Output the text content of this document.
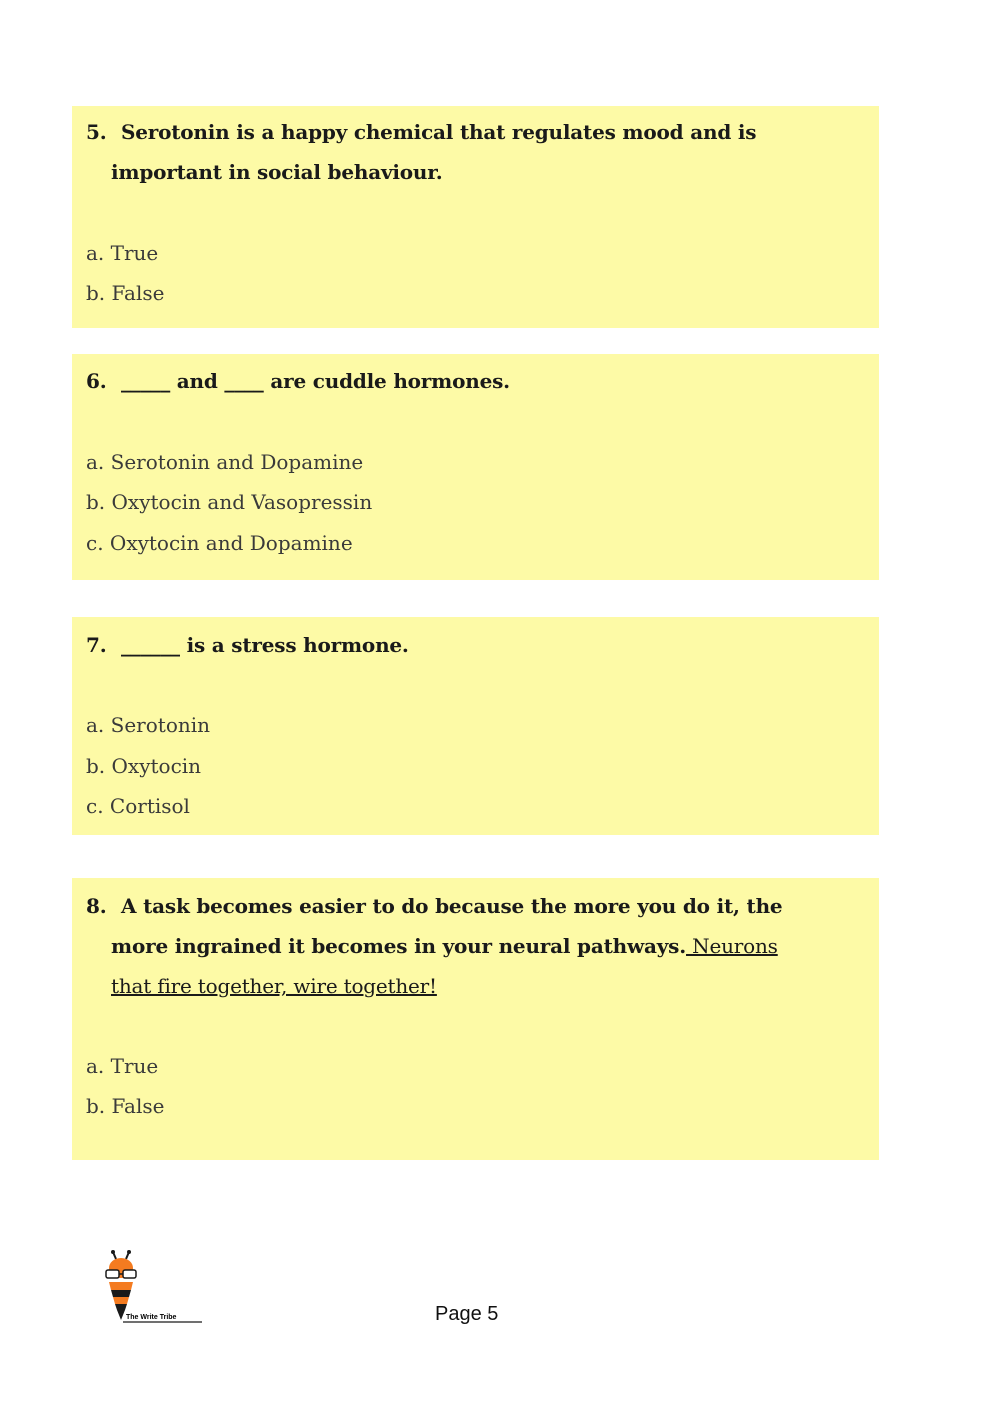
5. Serotonin is a happy chemical that regulates mood and is
important in social behaviour.
a. True
b. False
6. _____ and ____ are cuddle hormones.
a. Serotonin and Dopamine
b. Oxytocin and Vasopressin
c. Oxytocin and Dopamine
7. ______ is a stress hormone.
a. Serotonin
b. Oxytocin
c. Cortisol
8. A task becomes easier to do because the more you do it, the
more ingrained it becomes in your neural pathways. Neurons
that fire together, wire together!
a. True
b. False
The Write Tribe	Page 5
